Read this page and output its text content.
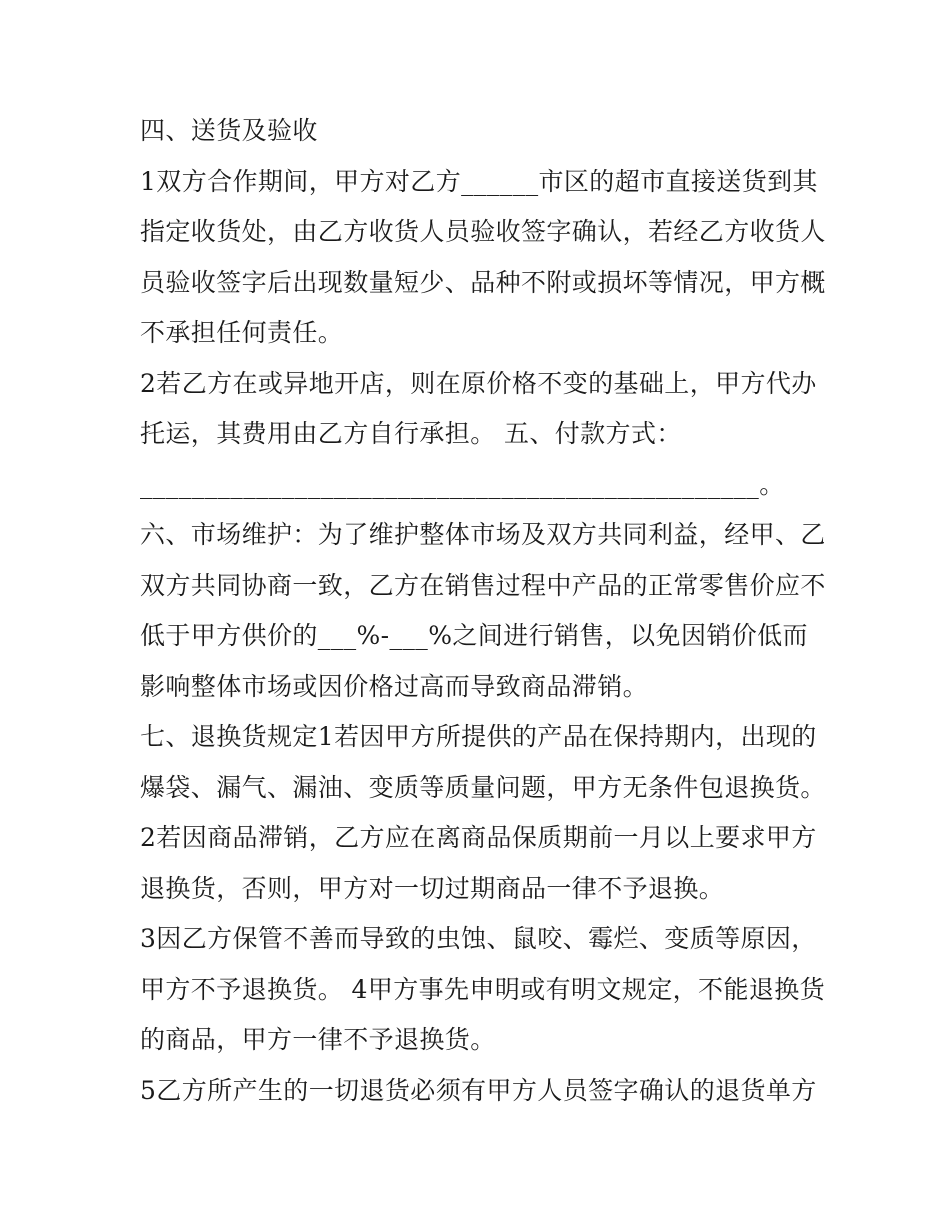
四、送货及验收
1双方合作期间，甲方对乙方______市区的超市直接送货到其
指定收货处，由乙方收货人员验收签字确认，若经乙方收货人
员验收签字后出现数量短少、品种不附或损坏等情况，甲方概
不承担任何责任。
2若乙方在或异地开店，则在原价格不变的基础上，甲方代办
托运，其费用由乙方自行承担。 五、付款方式：
________________________________________________。
六、市场维护：为了维护整体市场及双方共同利益，经甲、乙
双方共同协商一致，乙方在销售过程中产品的正常零售价应不
低于甲方供价的___%-___%之间进行销售，以免因销价低而
影响整体市场或因价格过高而导致商品滞销。
七、退换货规定1若因甲方所提供的产品在保持期内，出现的
爆袋、漏气、漏油、变质等质量问题，甲方无条件包退换货。
2若因商品滞销，乙方应在离商品保质期前一月以上要求甲方
退换货，否则，甲方对一切过期商品一律不予退换。
3因乙方保管不善而导致的虫蚀、鼠咬、霉烂、变质等原因，
甲方不予退换货。 4甲方事先申明或有明文规定，不能退换货
的商品，甲方一律不予退换货。
5乙方所产生的一切退货必须有甲方人员签字确认的退货单方
